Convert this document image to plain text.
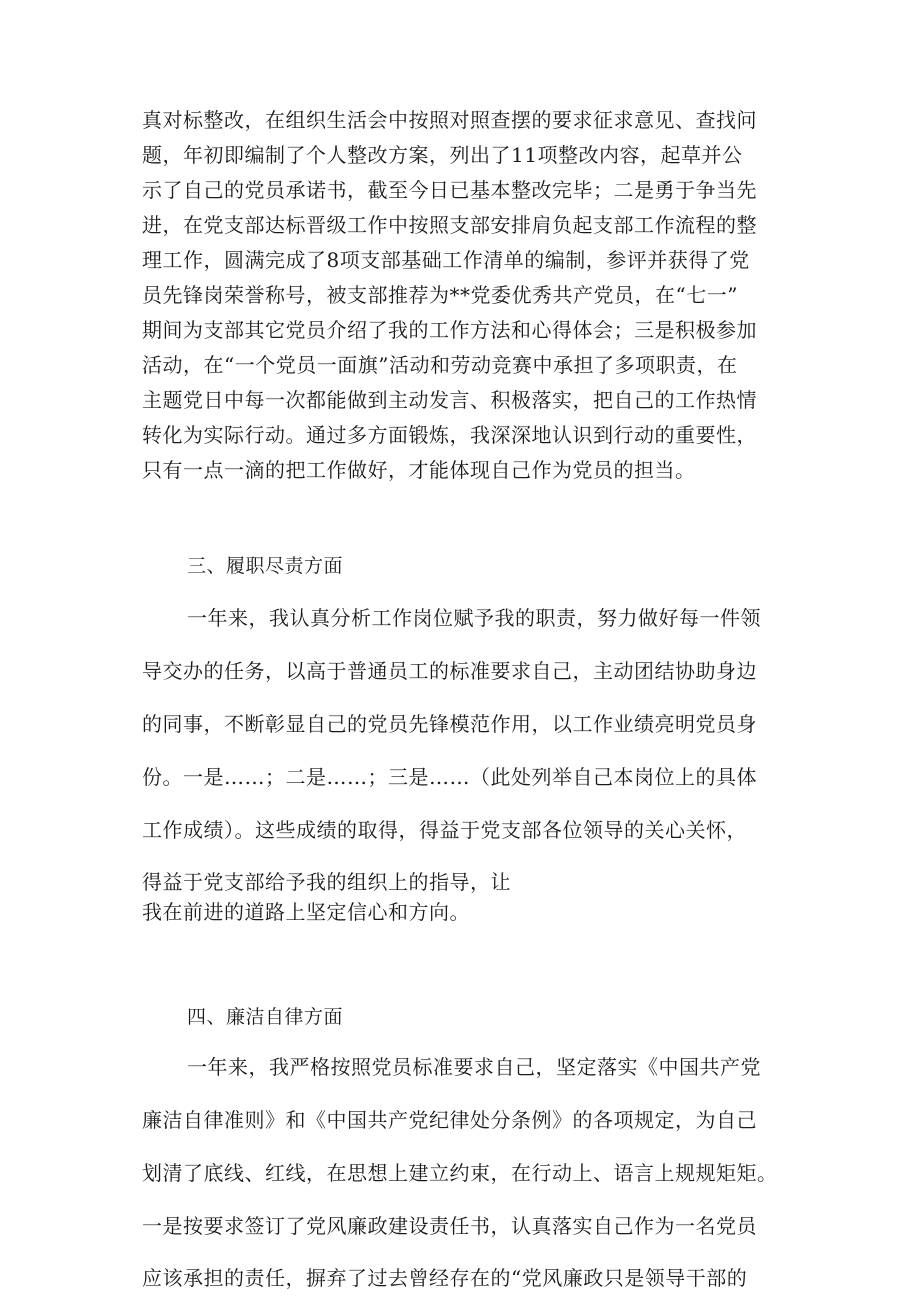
真对标整改，在组织生活会中按照对照查摆的要求征求意见、查找问
题，年初即编制了个人整改方案，列出了11项整改内容，起草并公
示了自己的党员承诺书，截至今日已基本整改完毕；二是勇于争当先
进，在党支部达标晋级工作中按照支部安排肩负起支部工作流程的整
理工作，圆满完成了8项支部基础工作清单的编制，参评并获得了党
员先锋岗荣誉称号，被支部推荐为**党委优秀共产党员，在“七一”
期间为支部其它党员介绍了我的工作方法和心得体会；三是积极参加
活动，在“一个党员一面旗”活动和劳动竞赛中承担了多项职责，在
主题党日中每一次都能做到主动发言、积极落实，把自己的工作热情
转化为实际行动。通过多方面锻炼，我深深地认识到行动的重要性，
只有一点一滴的把工作做好，才能体现自己作为党员的担当。
三、履职尽责方面
一年来，我认真分析工作岗位赋予我的职责，努力做好每一件领
导交办的任务，以高于普通员工的标准要求自己，主动团结协助身边
的同事，不断彰显自己的党员先锋模范作用，以工作业绩亮明党员身
份。一是……；二是……；三是……（此处列举自己本岗位上的具体
工作成绩）。这些成绩的取得，得益于党支部各位领导的关心关怀，
得益于党支部给予我的组织上的指导，让
我在前进的道路上坚定信心和方向。
四、廉洁自律方面
一年来，我严格按照党员标准要求自己，坚定落实《中国共产党
廉洁自律准则》和《中国共产党纪律处分条例》的各项规定，为自己
划清了底线、红线，在思想上建立约束，在行动上、语言上规规矩矩。
一是按要求签订了党风廉政建设责任书，认真落实自己作为一名党员
应该承担的责任，摒弃了过去曾经存在的“党风廉政只是领导干部的
